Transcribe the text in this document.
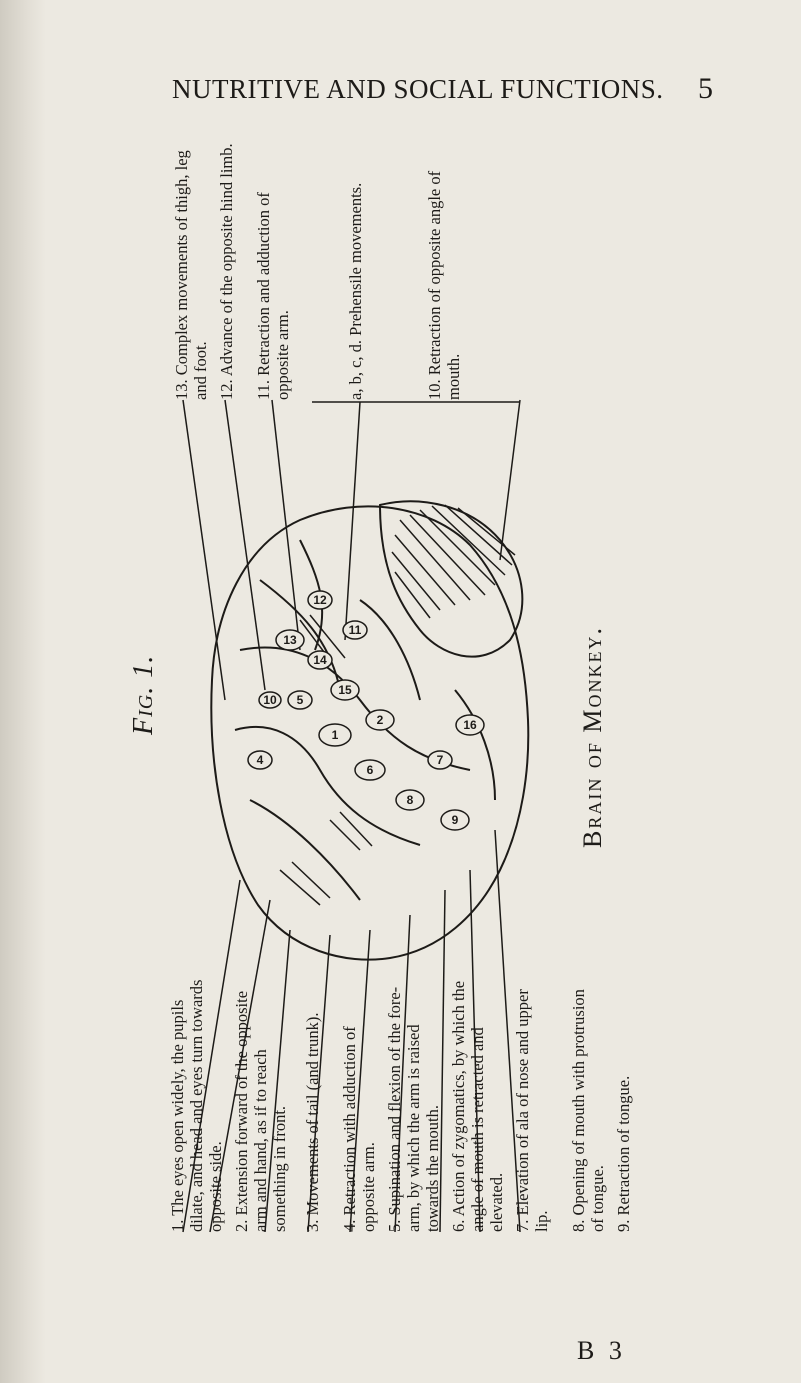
NUTRITIVE AND SOCIAL FUNCTIONS. 5
Fig. 1.	Brain of Monkey.

13. Complex movements of thigh, leg and foot. 12. Advance of the opposite hind limb. 11. Retraction and adduction of opposite arm.	a, b, c, d. Prehensile movements.	10. Retraction of opposite angle of mouth.

1. The eyes open widely, the pupils dilate, and head and eyes turn towards opposite side. 2. Extension forward of the opposite arm and hand, as if to reach something in front. 3. Movements of tail (and trunk). 4. Retraction with adduction of opposite arm. 5. Supination and flexion of the fore-arm, by which the arm is raised towards the mouth. 6. Action of zygomatics, by which the angle of mouth is retracted and elevated. 7. Elevation of ala of nose and upper lip. 8. Opening of mouth with protrusion of tongue. 9. Retraction of tongue.

13
14
15
5
1
2
6
8
7
16
4
12
11
10
9
B 3
